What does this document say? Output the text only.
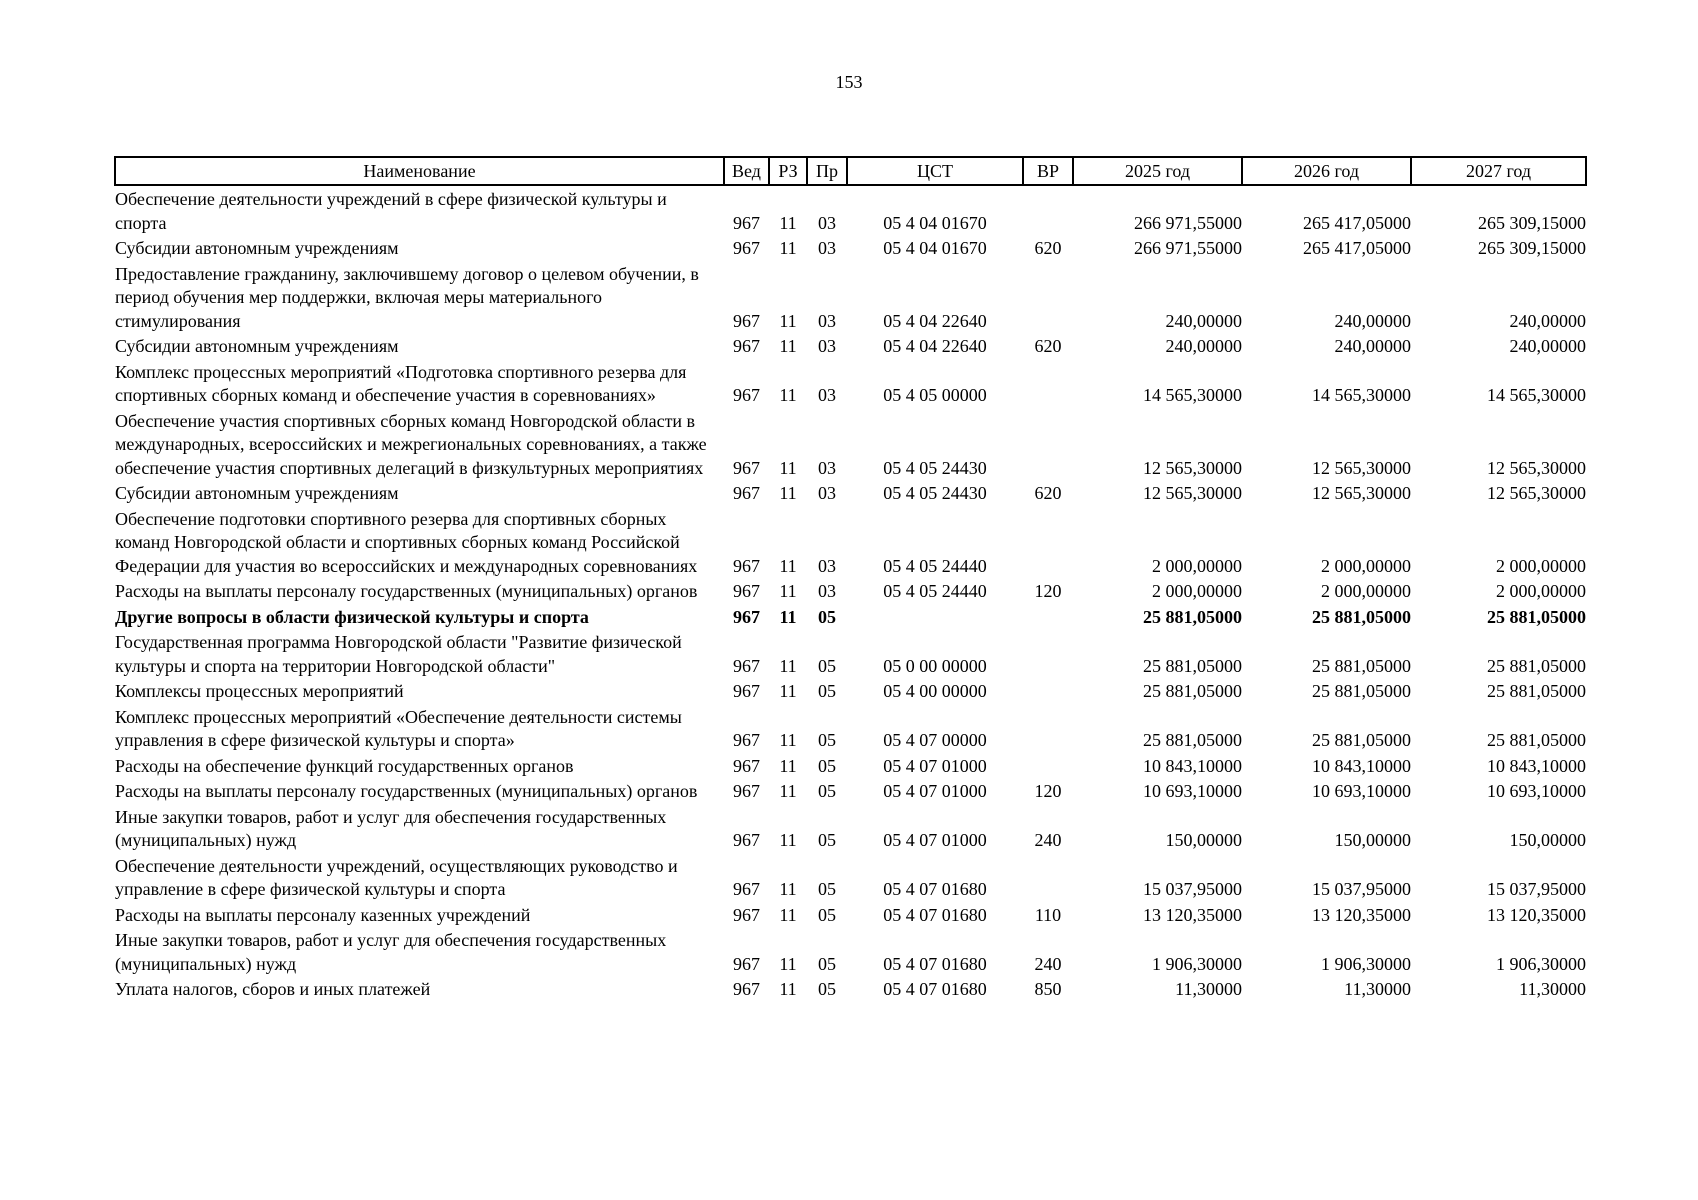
153
Наименование	Вед	РЗ	Пр	ЦСТ	ВР	2025 год	2026 год	2027 год
Обеспечение деятельности учреждений в сфере физической культуры и спорта	967	11	03	05 4 04 01670		266 971,55000	265 417,05000	265 309,15000
Субсидии автономным учреждениям	967	11	03	05 4 04 01670	620	266 971,55000	265 417,05000	265 309,15000
Предоставление гражданину, заключившему договор о целевом обучении, в период обучения мер поддержки, включая меры материального стимулирования	967	11	03	05 4 04 22640		240,00000	240,00000	240,00000
Субсидии автономным учреждениям	967	11	03	05 4 04 22640	620	240,00000	240,00000	240,00000
Комплекс процессных мероприятий «Подготовка спортивного резерва для спортивных сборных команд и обеспечение участия в соревнованиях»	967	11	03	05 4 05 00000		14 565,30000	14 565,30000	14 565,30000
Обеспечение участия спортивных сборных команд Новгородской области в международных, всероссийских и межрегиональных соревнованиях, а также обеспечение участия спортивных делегаций в физкультурных мероприятиях	967	11	03	05 4 05 24430		12 565,30000	12 565,30000	12 565,30000
Субсидии автономным учреждениям	967	11	03	05 4 05 24430	620	12 565,30000	12 565,30000	12 565,30000
Обеспечение подготовки спортивного резерва для спортивных сборных команд Новгородской области и спортивных сборных команд Российской Федерации для участия во всероссийских и международных соревнованиях	967	11	03	05 4 05 24440		2 000,00000	2 000,00000	2 000,00000
Расходы на выплаты персоналу государственных (муниципальных) органов	967	11	03	05 4 05 24440	120	2 000,00000	2 000,00000	2 000,00000
Другие вопросы в области физической культуры и спорта	967	11	05			25 881,05000	25 881,05000	25 881,05000
Государственная программа Новгородской области "Развитие физической культуры и спорта на территории Новгородской области"	967	11	05	05 0 00 00000		25 881,05000	25 881,05000	25 881,05000
Комплексы процессных мероприятий	967	11	05	05 4 00 00000		25 881,05000	25 881,05000	25 881,05000
Комплекс процессных мероприятий «Обеспечение деятельности системы управления в сфере физической культуры и спорта»	967	11	05	05 4 07 00000		25 881,05000	25 881,05000	25 881,05000
Расходы на обеспечение функций государственных органов	967	11	05	05 4 07 01000		10 843,10000	10 843,10000	10 843,10000
Расходы на выплаты персоналу государственных (муниципальных) органов	967	11	05	05 4 07 01000	120	10 693,10000	10 693,10000	10 693,10000
Иные закупки товаров, работ и услуг для обеспечения государственных (муниципальных) нужд	967	11	05	05 4 07 01000	240	150,00000	150,00000	150,00000
Обеспечение деятельности учреждений, осуществляющих руководство и управление в сфере физической культуры и спорта	967	11	05	05 4 07 01680		15 037,95000	15 037,95000	15 037,95000
Расходы на выплаты персоналу казенных учреждений	967	11	05	05 4 07 01680	110	13 120,35000	13 120,35000	13 120,35000
Иные закупки товаров, работ и услуг для обеспечения государственных (муниципальных) нужд	967	11	05	05 4 07 01680	240	1 906,30000	1 906,30000	1 906,30000
Уплата налогов, сборов и иных платежей	967	11	05	05 4 07 01680	850	11,30000	11,30000	11,30000
